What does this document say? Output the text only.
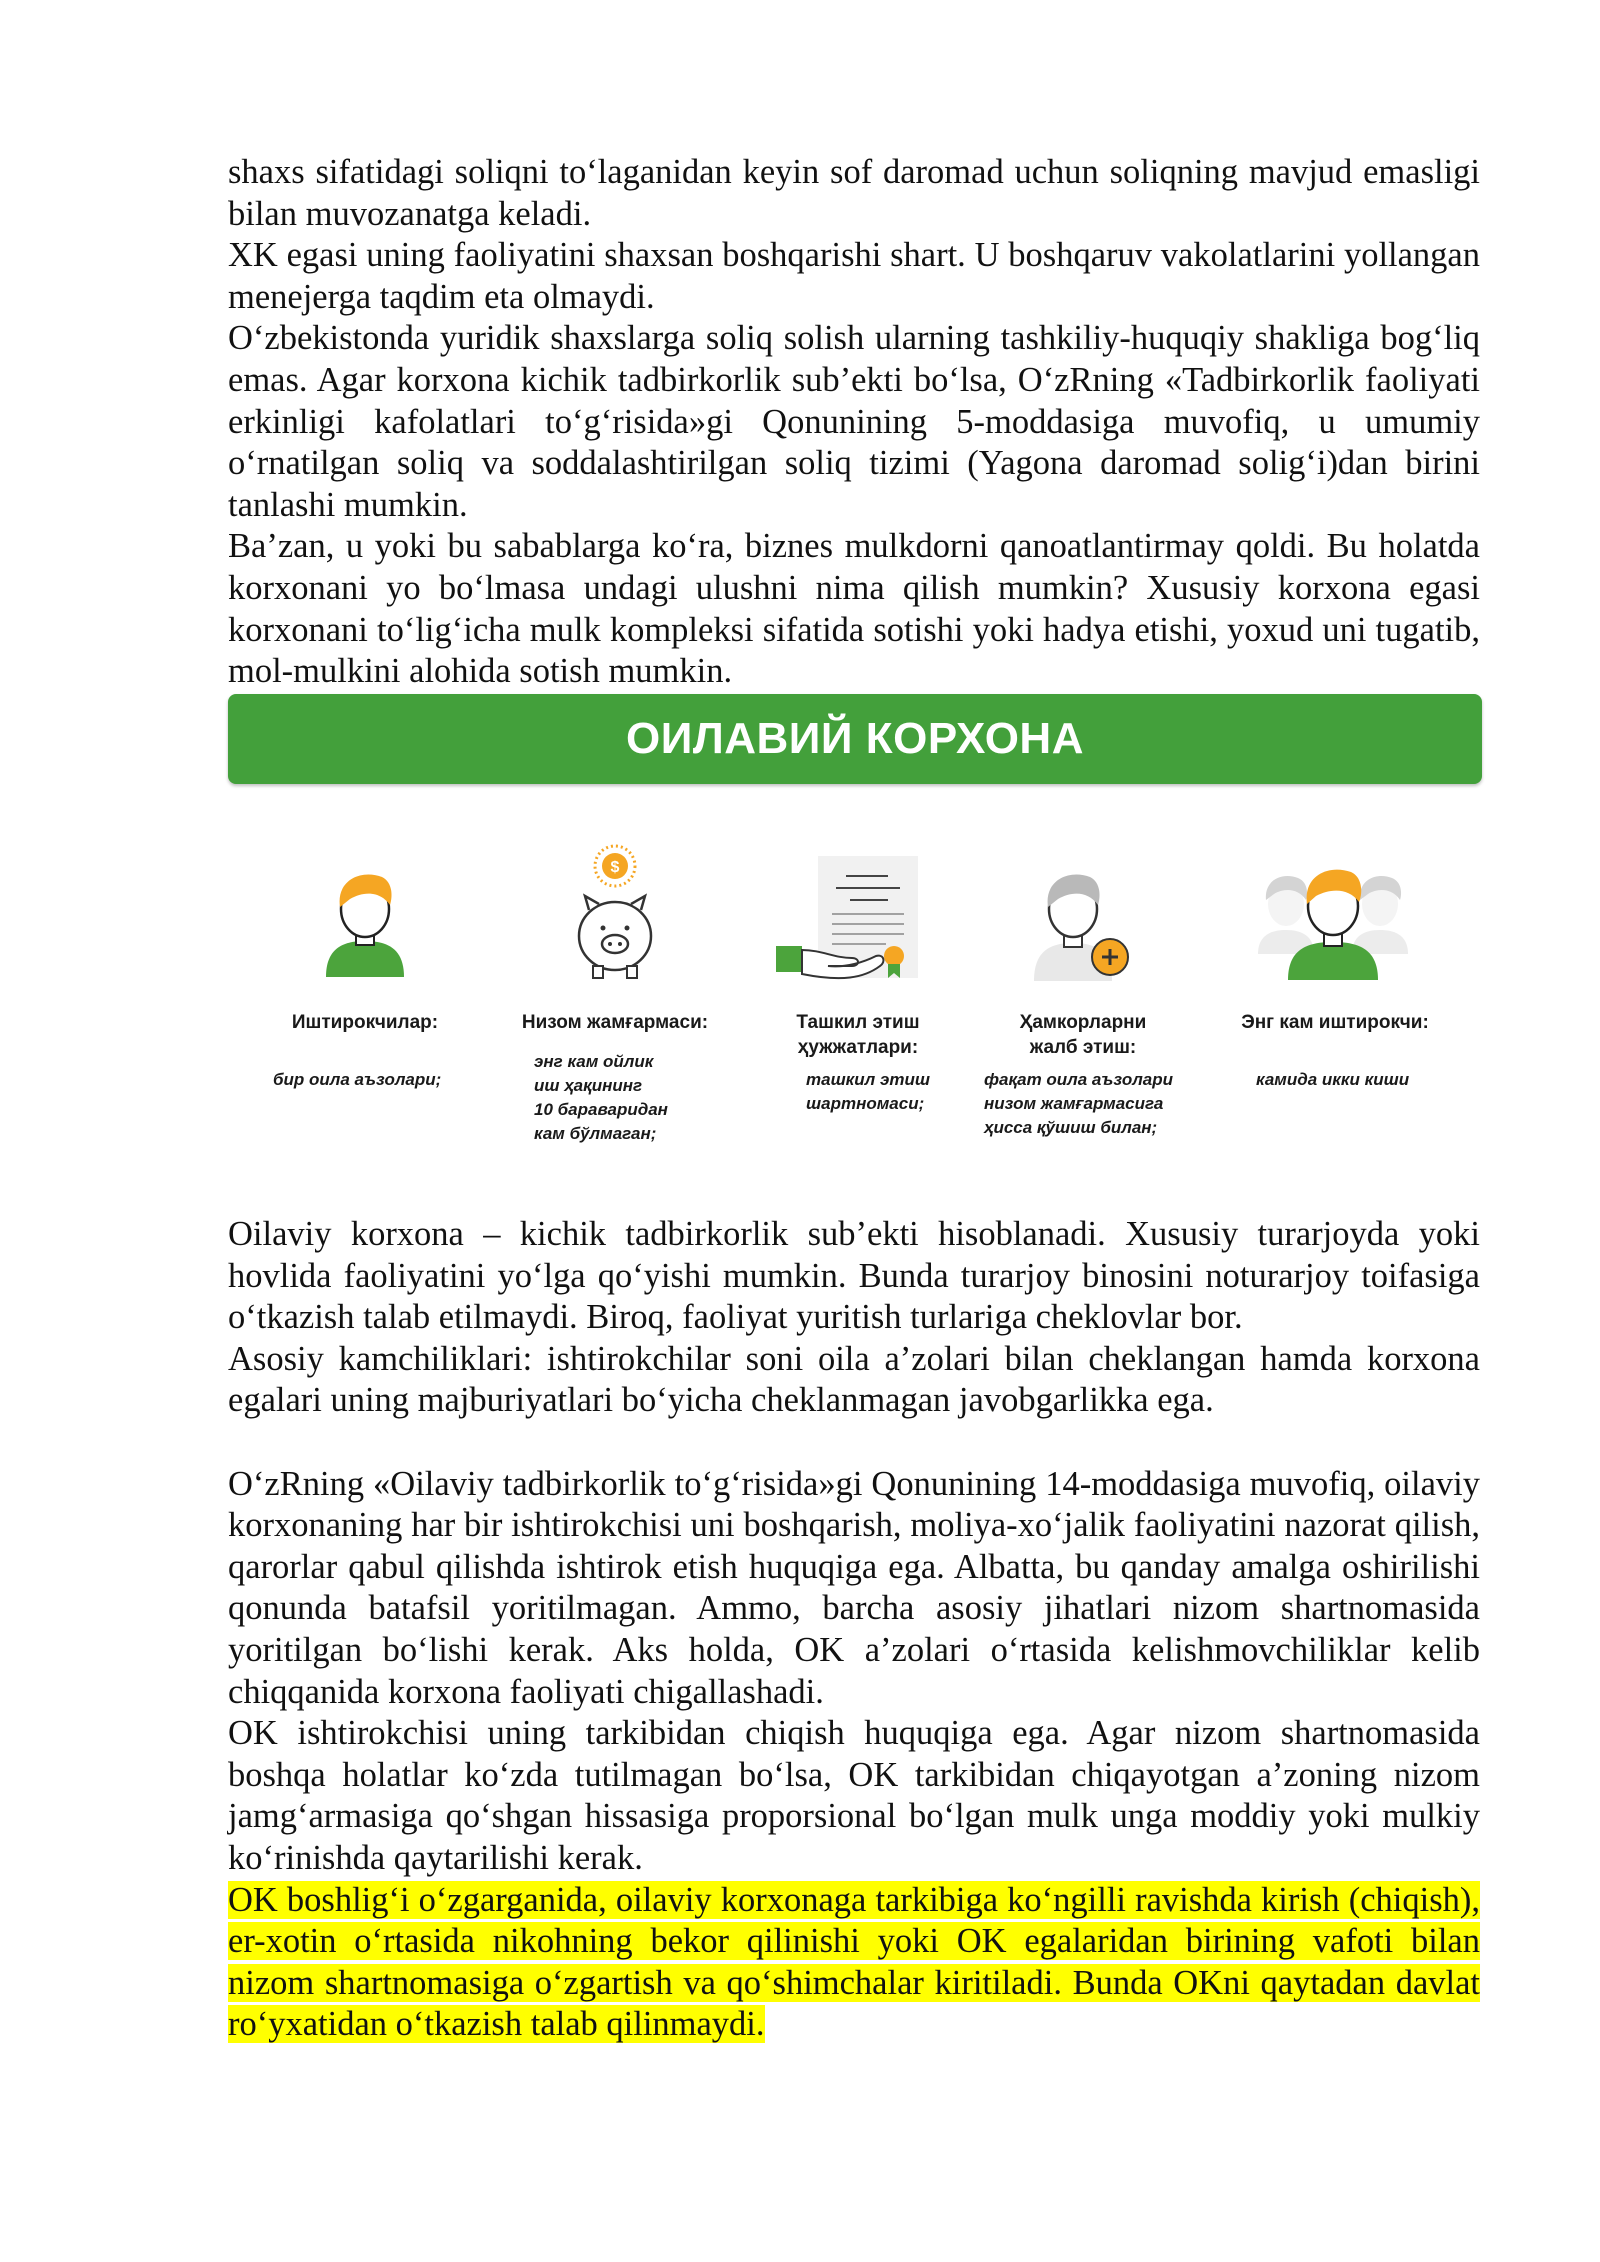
shaxs sifatidagi soliqni to‘laganidan keyin sof daromad uchun soliqning mavjud emasligi bilan muvozanatga keladi.

XK egasi uning faoliyatini shaxsan boshqarishi shart. U boshqaruv vakolatlarini yollangan menejerga taqdim eta olmaydi.

O‘zbekistonda yuridik shaxslarga soliq solish ularning tashkiliy-huquqiy shakliga bog‘liq emas. Agar korxona kichik tadbirkorlik sub’ekti bo‘lsa, O‘zRning «Tadbirkorlik faoliyati erkinligi kafolatlari to‘g‘risida»gi Qonunining 5-moddasiga muvofiq, u umumiy o‘rnatilgan soliq va soddalashtirilgan soliq tizimi (Yagona daromad solig‘i)dan birini tanlashi mumkin.

Ba’zan, u yoki bu sabablarga ko‘ra, biznes mulkdorni qanoatlantirmay qoldi. Bu holatda korxonani yo bo‘lmasa undagi ulushni nima qilish mumkin? Xususiy korxona egasi korxonani to‘lig‘icha mulk kompleksi sifatida sotishi yoki hadya etishi, yoxud uni tugatib, mol-mulkini alohida sotish mumkin.

ОИЛАВИЙ КОРХОНА
$
Иштирокчилар:	Низом жамғармаси:	Ташкил этиш
ҳужжатлари:
Ҳамкорларни
жалб этиш:
Энг кам иштирокчи:
бир оила аъзолари;
энг кам ойлик
иш ҳақининг
10 бараваридан
кам бўлмаган;
ташкил этиш
шартномаси;
фақат оила аъзолари
низом жамғармасига
ҳисса қўшиш билан;
камида икки киши

Oilaviy korxona – kichik tadbirkorlik sub’ekti hisoblanadi. Xususiy turarjoyda yoki hovlida faoliyatini yo‘lga qo‘yishi mumkin. Bunda turarjoy binosini noturarjoy toifasiga o‘tkazish talab etilmaydi. Biroq, faoliyat yuritish turlariga cheklovlar bor.

Asosiy kamchiliklari: ishtirokchilar soni oila a’zolari bilan cheklangan hamda korxona egalari uning majburiyatlari bo‘yicha cheklanmagan javobgarlikka ega.

O‘zRning «Oilaviy tadbirkorlik to‘g‘risida»gi Qonunining 14-moddasiga muvofiq, oilaviy korxonaning har bir ishtirokchisi uni boshqarish, moliya-xo‘jalik faoliyatini nazorat qilish, qarorlar qabul qilishda ishtirok etish huquqiga ega. Albatta, bu qanday amalga oshirilishi qonunda batafsil yoritilmagan. Ammo, barcha asosiy jihatlari nizom shartnomasida yoritilgan bo‘lishi kerak. Aks holda, OK a’zolari o‘rtasida kelishmovchiliklar kelib chiqqanida korxona faoliyati chigallashadi.

OK ishtirokchisi uning tarkibidan chiqish huquqiga ega. Agar nizom shartnomasida boshqa holatlar ko‘zda tutilmagan bo‘lsa, OK tarkibidan chiqayotgan a’zoning nizom jamg‘armasiga qo‘shgan hissasiga proporsional bo‘lgan mulk unga moddiy yoki mulkiy ko‘rinishda qaytarilishi kerak.

OK boshlig‘i o‘zgarganida, oilaviy korxonaga tarkibiga ko‘ngilli ravishda kirish (chiqish), er-xotin o‘rtasida nikohning bekor qilinishi yoki OK egalaridan birining vafoti bilan nizom shartnomasiga o‘zgartish va qo‘shimchalar kiritiladi. Bunda OKni qaytadan davlat ro‘yxatidan o‘tkazish talab qilinmaydi.
